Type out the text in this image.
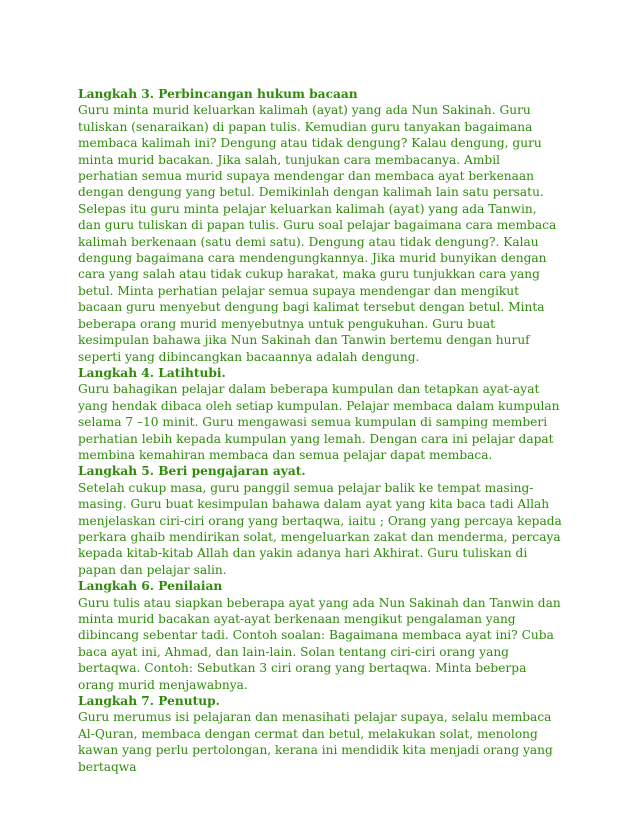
Langkah 3. Perbincangan hukum bacaan

Guru minta murid keluarkan kalimah (ayat) yang ada Nun Sakinah. Guru tuliskan (senaraikan) di papan tulis. Kemudian guru tanyakan bagaimana membaca kalimah ini? Dengung atau tidak dengung? Kalau dengung, guru minta murid bacakan. Jika salah, tunjukan cara membacanya. Ambil perhatian semua murid supaya mendengar dan membaca ayat berkenaan dengan dengung yang betul. Demikinlah dengan kalimah lain satu persatu.

Selepas itu guru minta pelajar keluarkan kalimah (ayat) yang ada Tanwin, dan guru tuliskan di papan tulis. Guru soal pelajar bagaimana cara membaca kalimah berkenaan (satu demi satu). Dengung atau tidak dengung?. Kalau dengung bagaimana cara mendengungkannya. Jika murid bunyikan dengan cara yang salah atau tidak cukup harakat, maka guru tunjukkan cara yang betul. Minta perhatian pelajar semua supaya mendengar dan mengikut bacaan guru menyebut dengung bagi kalimat tersebut dengan betul. Minta beberapa orang murid menyebutnya untuk pengukuhan. Guru buat kesimpulan bahawa jika Nun Sakinah dan Tanwin bertemu dengan huruf seperti yang dibincangkan bacaannya adalah dengung.

Langkah 4. Latihtubi.

Guru bahagikan pelajar dalam beberapa kumpulan dan tetapkan ayat-ayat yang hendak dibaca oleh setiap kumpulan. Pelajar membaca dalam kumpulan selama 7 –10 minit. Guru mengawasi semua kumpulan di samping memberi perhatian lebih kepada kumpulan yang lemah. Dengan cara ini pelajar dapat membina kemahiran membaca dan semua pelajar dapat membaca.

Langkah 5. Beri pengajaran ayat.

Setelah cukup masa, guru panggil semua pelajar balik ke tempat masing-masing. Guru buat kesimpulan bahawa dalam ayat yang kita baca tadi Allah menjelaskan ciri-ciri orang yang bertaqwa, iaitu ; Orang yang percaya kepada perkara ghaib mendirikan solat, mengeluarkan zakat dan menderma, percaya kepada kitab-kitab Allah dan yakin adanya hari Akhirat. Guru tuliskan di papan dan pelajar salin.

Langkah 6. Penilaian

Guru tulis atau siapkan beberapa ayat yang ada Nun Sakinah dan Tanwin dan minta murid bacakan ayat-ayat berkenaan mengikut pengalaman yang dibincang sebentar tadi. Contoh soalan: Bagaimana membaca ayat ini? Cuba baca ayat ini, Ahmad, dan lain-lain. Solan tentang ciri-ciri orang yang bertaqwa. Contoh: Sebutkan 3 ciri orang yang bertaqwa. Minta beberpa orang murid menjawabnya.

Langkah 7. Penutup.

Guru merumus isi pelajaran dan menasihati pelajar supaya, selalu membaca Al-Quran, membaca dengan cermat dan betul, melakukan solat, menolong kawan yang perlu pertolongan, kerana ini mendidik kita menjadi orang yang bertaqwa
